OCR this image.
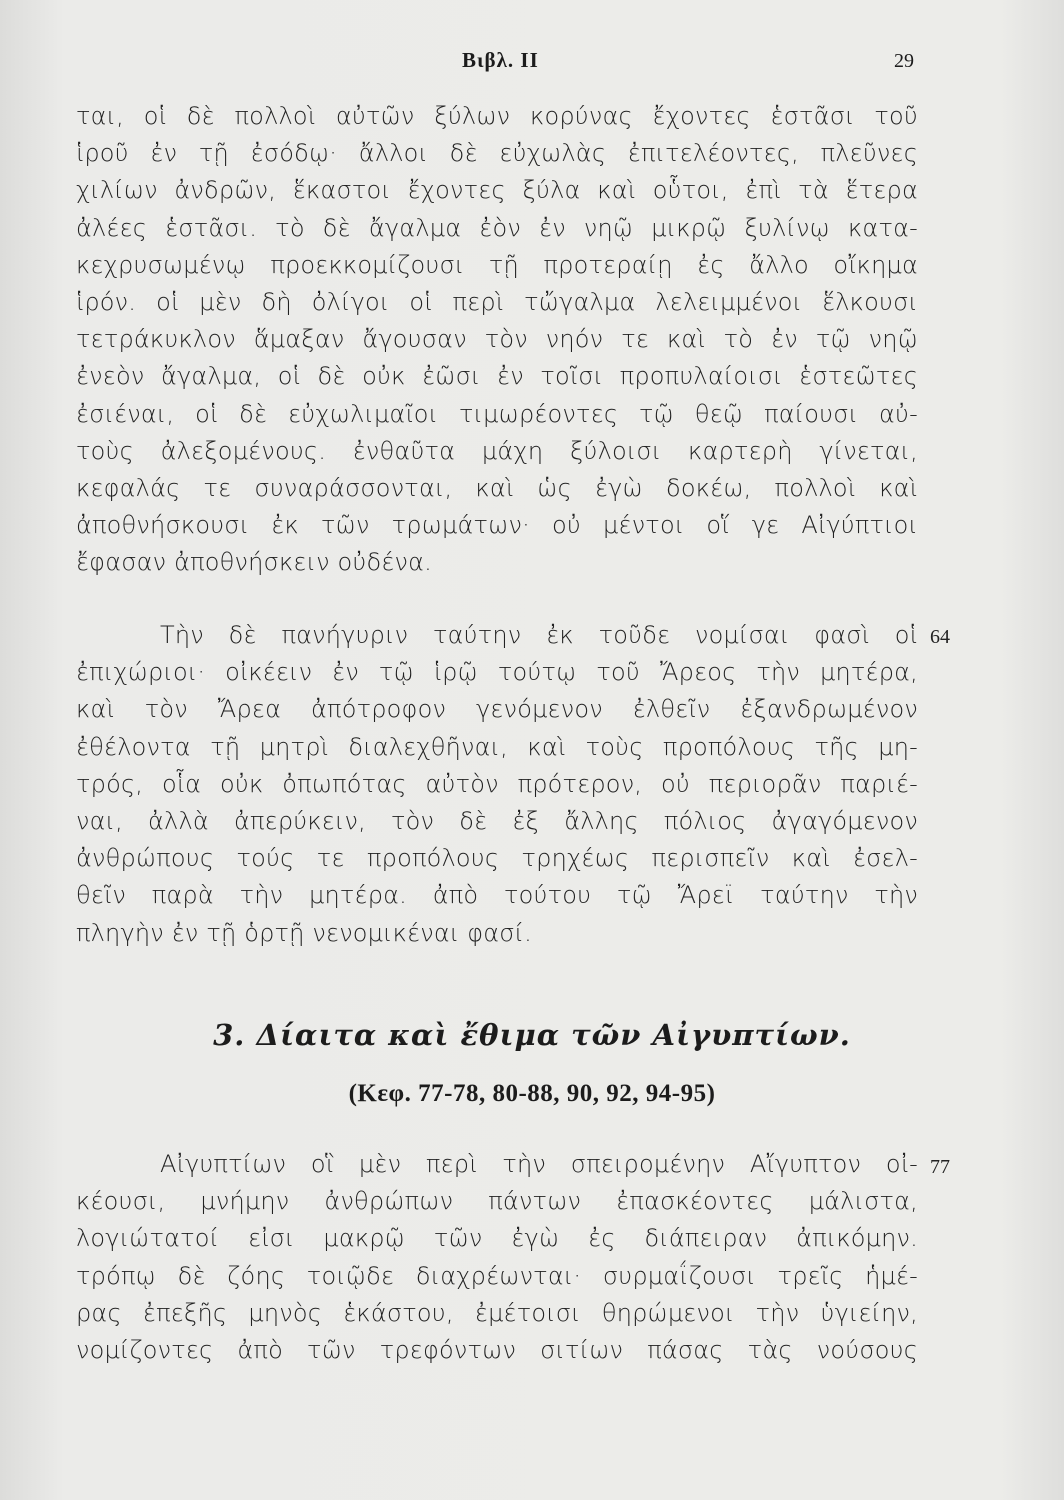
Βιβλ. II	29
ται, οἱ δὲ πολλοὶ αὐτῶν ξύλων κορύνας ἔχοντες ἑστᾶσι τοῦ
ἱροῦ ἐν τῇ ἐσόδῳ· ἄλλοι δὲ εὐχωλὰς ἐπιτελέοντες, πλεῦνες
χιλίων ἀνδρῶν, ἕκαστοι ἔχοντες ξύλα καὶ οὗτοι, ἐπὶ τὰ ἕτερα
ἀλέες ἑστᾶσι. τὸ δὲ ἄγαλμα ἐὸν ἐν νηῷ μικρῷ ξυλίνῳ κατα-
κεχρυσωμένῳ προεκκομίζουσι τῇ προτεραίῃ ἐς ἄλλο οἴκημα
ἱρόν. οἱ μὲν δὴ ὀλίγοι οἱ περὶ τὤγαλμα λελειμμένοι ἕλκουσι
τετράκυκλον ἅμαξαν ἄγουσαν τὸν νηόν τε καὶ τὸ ἐν τῷ νηῷ
ἐνεὸν ἄγαλμα, οἱ δὲ οὐκ ἐῶσι ἐν τοῖσι προπυλαίοισι ἑστεῶτες
ἐσιέναι, οἱ δὲ εὐχωλιμαῖοι τιμωρέοντες τῷ θεῷ παίουσι αὐ-
τοὺς ἀλεξομένους. ἐνθαῦτα μάχη ξύλοισι καρτερὴ γίνεται,
κεφαλάς τε συναράσσονται, καὶ ὡς ἐγὼ δοκέω, πολλοὶ καὶ
ἀποθνήσκουσι ἐκ τῶν τρωμάτων· οὐ μέντοι οἵ γε Αἰγύπτιοι
ἔφασαν ἀποθνήσκειν οὐδένα.
64
Τὴν δὲ πανήγυριν ταύτην ἐκ τοῦδε νομίσαι φασὶ οἱ
ἐπιχώριοι· οἰκέειν ἐν τῷ ἱρῷ τούτῳ τοῦ Ἄρεος τὴν μητέρα,
καὶ τὸν Ἄρεα ἀπότροφον γενόμενον ἐλθεῖν ἐξανδρωμένον
ἐθέλοντα τῇ μητρὶ διαλεχθῆναι, καὶ τοὺς προπόλους τῆς μη-
τρός, οἷα οὐκ ὀπωπότας αὐτὸν πρότερον, οὐ περιορᾶν παριέ-
ναι, ἀλλὰ ἀπερύκειν, τὸν δὲ ἐξ ἄλλης πόλιος ἀγαγόμενον
ἀνθρώπους τούς τε προπόλους τρηχέως περισπεῖν καὶ ἐσελ-
θεῖν παρὰ τὴν μητέρα. ἀπὸ τούτου τῷ Ἄρεϊ ταύτην τὴν
πληγὴν ἐν τῇ ὁρτῇ νενομικέναι φασί.
3. Δίαιτα καὶ ἔθιμα τῶν Αἰγυπτίων.
(Κεφ. 77-78, 80-88, 90, 92, 94-95)
77
Αἰγυπτίων οἳ μὲν περὶ τὴν σπειρομένην Αἴγυπτον οἰ-
κέουσι, μνήμην ἀνθρώπων πάντων ἐπασκέοντες μάλιστα,
λογιώτατοί εἰσι μακρῷ τῶν ἐγὼ ἐς διάπειραν ἀπικόμην.
τρόπῳ δὲ ζόης τοιῷδε διαχρέωνται· συρμαΐζουσι τρεῖς ἡμέ-
ρας ἐπεξῆς μηνὸς ἑκάστου, ἐμέτοισι θηρώμενοι τὴν ὑγιείην,
νομίζοντες ἀπὸ τῶν τρεφόντων σιτίων πάσας τὰς νούσους
